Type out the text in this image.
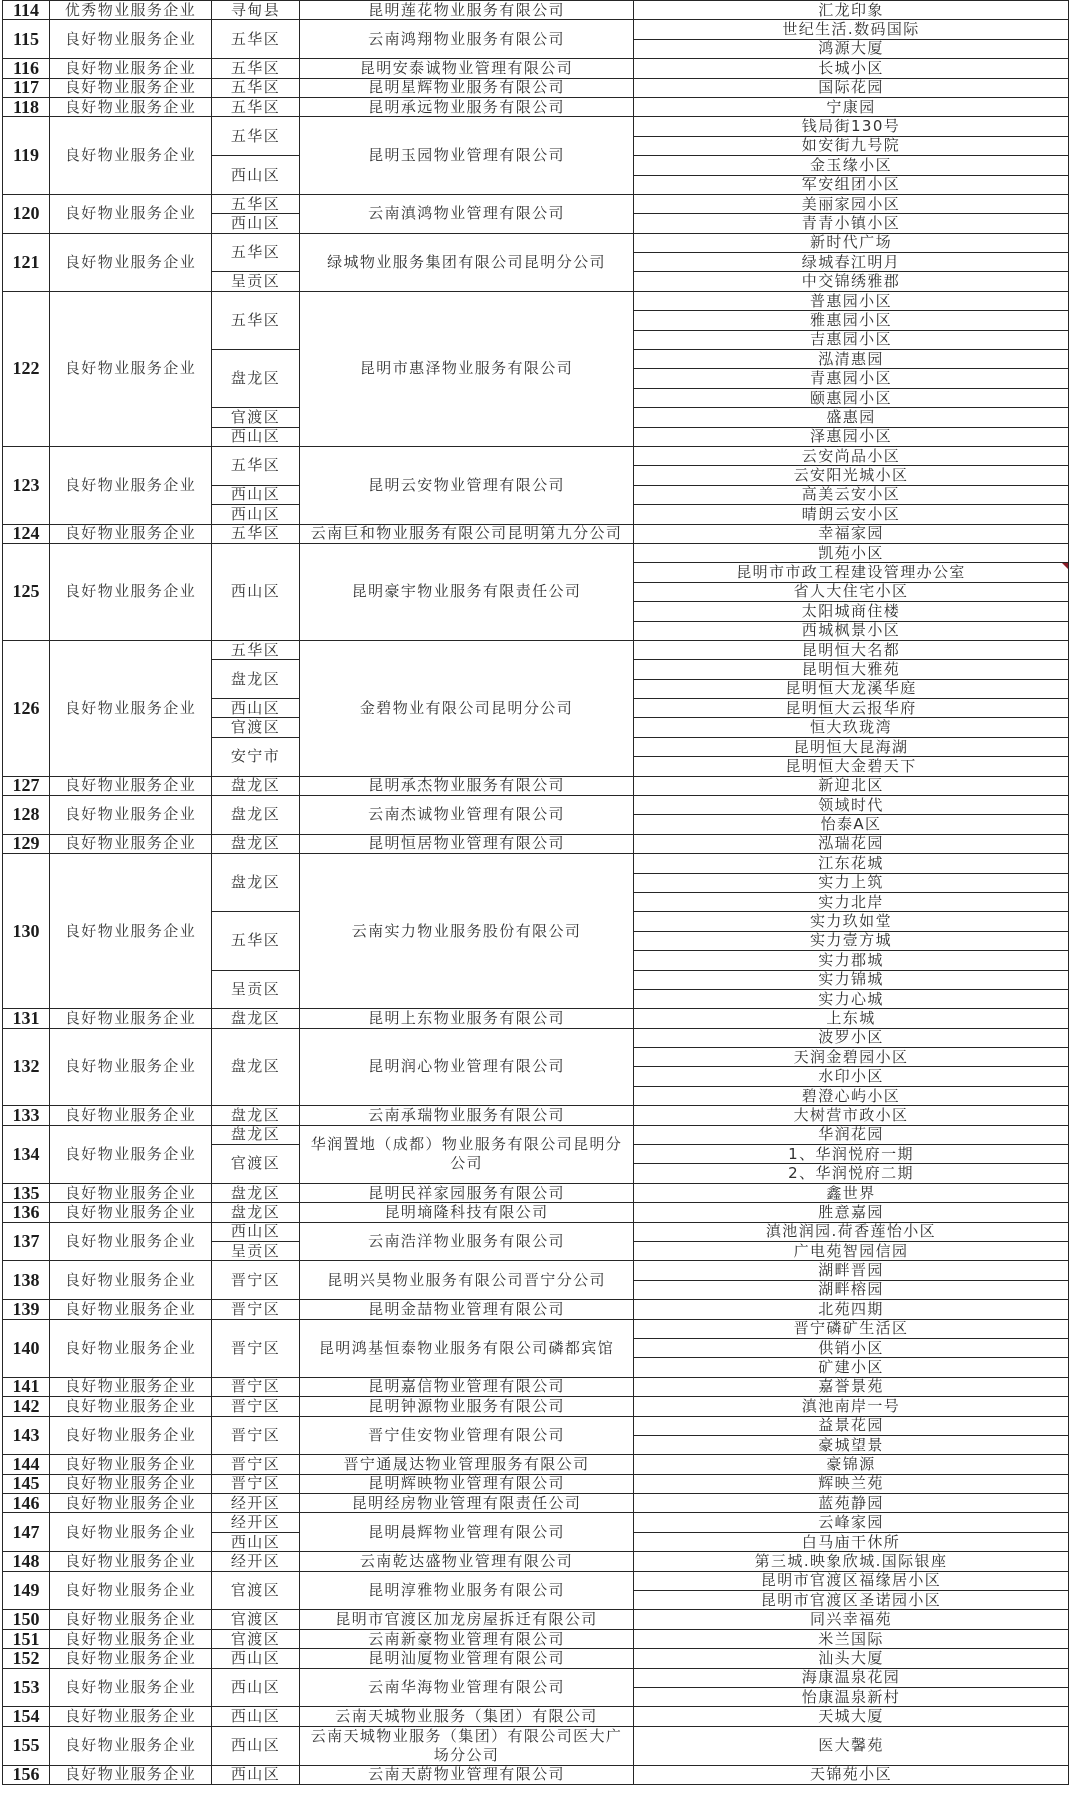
114	优秀物业服务企业	寻甸县	昆明莲花物业服务有限公司	汇龙印象
115	良好物业服务企业	五华区	云南鸿翔物业服务有限公司	世纪生活.数码国际
				鸿源大厦
116	良好物业服务企业	五华区	昆明安泰诚物业管理有限公司	长城小区
117	良好物业服务企业	五华区	昆明星辉物业服务有限公司	国际花园
118	良好物业服务企业	五华区	昆明承远物业服务有限公司	宁康园
119	良好物业服务企业	五华区	昆明玉园物业管理有限公司	钱局街130号
				如安街九号院
		西山区		金玉缘小区
				军安组团小区
120	良好物业服务企业	五华区	云南滇鸿物业管理有限公司	美丽家园小区
		西山区		青青小镇小区
121	良好物业服务企业	五华区	绿城物业服务集团有限公司昆明分公司	新时代广场
				绿城春江明月
		呈贡区		中交锦绣雅郡
122	良好物业服务企业	五华区	昆明市惠泽物业服务有限公司	普惠园小区
				雅惠园小区
				吉惠园小区
		盘龙区		泓清惠园
				青惠园小区
				颐惠园小区
		官渡区		盛惠园
		西山区		泽惠园小区
123	良好物业服务企业	五华区	昆明云安物业管理有限公司	云安尚品小区
				云安阳光城小区
		西山区		高美云安小区
		西山区		晴朗云安小区
124	良好物业服务企业	五华区	云南巨和物业服务有限公司昆明第九分公司	幸福家园
125	良好物业服务企业	西山区	昆明豪宇物业服务有限责任公司	凯苑小区
				昆明市市政工程建设管理办公室

				省人大住宅小区
				太阳城商住楼
				西城枫景小区
126	良好物业服务企业	五华区	金碧物业有限公司昆明分公司	昆明恒大名都
		盘龙区		昆明恒大雅苑
				昆明恒大龙溪华庭
		西山区		昆明恒大云报华府
		官渡区		恒大玖珑湾
		安宁市		昆明恒大昆海湖
				昆明恒大金碧天下
127	良好物业服务企业	盘龙区	昆明承杰物业服务有限公司	新迎北区
128	良好物业服务企业	盘龙区	云南杰诚物业管理有限公司	领域时代
				怡泰A区
129	良好物业服务企业	盘龙区	昆明恒居物业管理有限公司	泓瑞花园
130	良好物业服务企业	盘龙区	云南实力物业服务股份有限公司	江东花城
				实力上筑
				实力北岸
		五华区		实力玖如堂
				实力壹方城
				实力郡城
		呈贡区		实力锦城
				实力心城
131	良好物业服务企业	盘龙区	昆明上东物业服务有限公司	上东城
132	良好物业服务企业	盘龙区	昆明润心物业管理有限公司	波罗小区
				天润金碧园小区
				水印小区
				碧澄心屿小区
133	良好物业服务企业	盘龙区	云南承瑞物业服务有限公司	大树营市政小区
134	良好物业服务企业	盘龙区	华润置地（成都）物业服务有限公司昆明分公司	华润花园
		官渡区		1、华润悦府一期
				2、华润悦府二期
135	良好物业服务企业	盘龙区	昆明民祥家园服务有限公司	鑫世界
136	良好物业服务企业	盘龙区	昆明墒隆科技有限公司	胜意嘉园
137	良好物业服务企业	西山区	云南浩洋物业服务有限公司	滇池润园.荷香莲怡小区
		呈贡区		广电苑智园信园
138	良好物业服务企业	晋宁区	昆明兴昊物业服务有限公司晋宁分公司	湖畔晋园
				湖畔榕园
139	良好物业服务企业	晋宁区	昆明金喆物业管理有限公司	北苑四期
140	良好物业服务企业	晋宁区	昆明鸿基恒泰物业服务有限公司磷都宾馆	晋宁磷矿生活区
				供销小区
				矿建小区
141	良好物业服务企业	晋宁区	昆明嘉信物业管理有限公司	嘉誉景苑
142	良好物业服务企业	晋宁区	昆明钟源物业服务有限公司	滇池南岸一号
143	良好物业服务企业	晋宁区	晋宁佳安物业管理有限公司	益景花园
				豪城望景
144	良好物业服务企业	晋宁区	晋宁通晟达物业管理服务有限公司	豪锦源
145	良好物业服务企业	晋宁区	昆明辉映物业管理有限公司	辉映兰苑
146	良好物业服务企业	经开区	昆明经房物业管理有限责任公司	蓝苑静园
147	良好物业服务企业	经开区	昆明晨辉物业管理有限公司	云峰家园
		西山区		白马庙干休所
148	良好物业服务企业	经开区	云南乾达盛物业管理有限公司	第三城.映象欣城.国际银座
149	良好物业服务企业	官渡区	昆明淳雅物业服务有限公司	昆明市官渡区福缘居小区
				昆明市官渡区圣诺园小区
150	良好物业服务企业	官渡区	昆明市官渡区加龙房屋拆迁有限公司	同兴幸福苑
151	良好物业服务企业	官渡区	云南新豪物业管理有限公司	米兰国际
152	良好物业服务企业	西山区	昆明汕厦物业管理有限公司	汕头大厦
153	良好物业服务企业	西山区	云南华海物业管理有限公司	海康温泉花园
				怡康温泉新村
154	良好物业服务企业	西山区	云南天城物业服务（集团）有限公司	天城大厦
155	良好物业服务企业	西山区	云南天城物业服务（集团）有限公司医大广场分公司	医大馨苑
156	良好物业服务企业	西山区	云南天蔚物业管理有限公司	天锦苑小区
